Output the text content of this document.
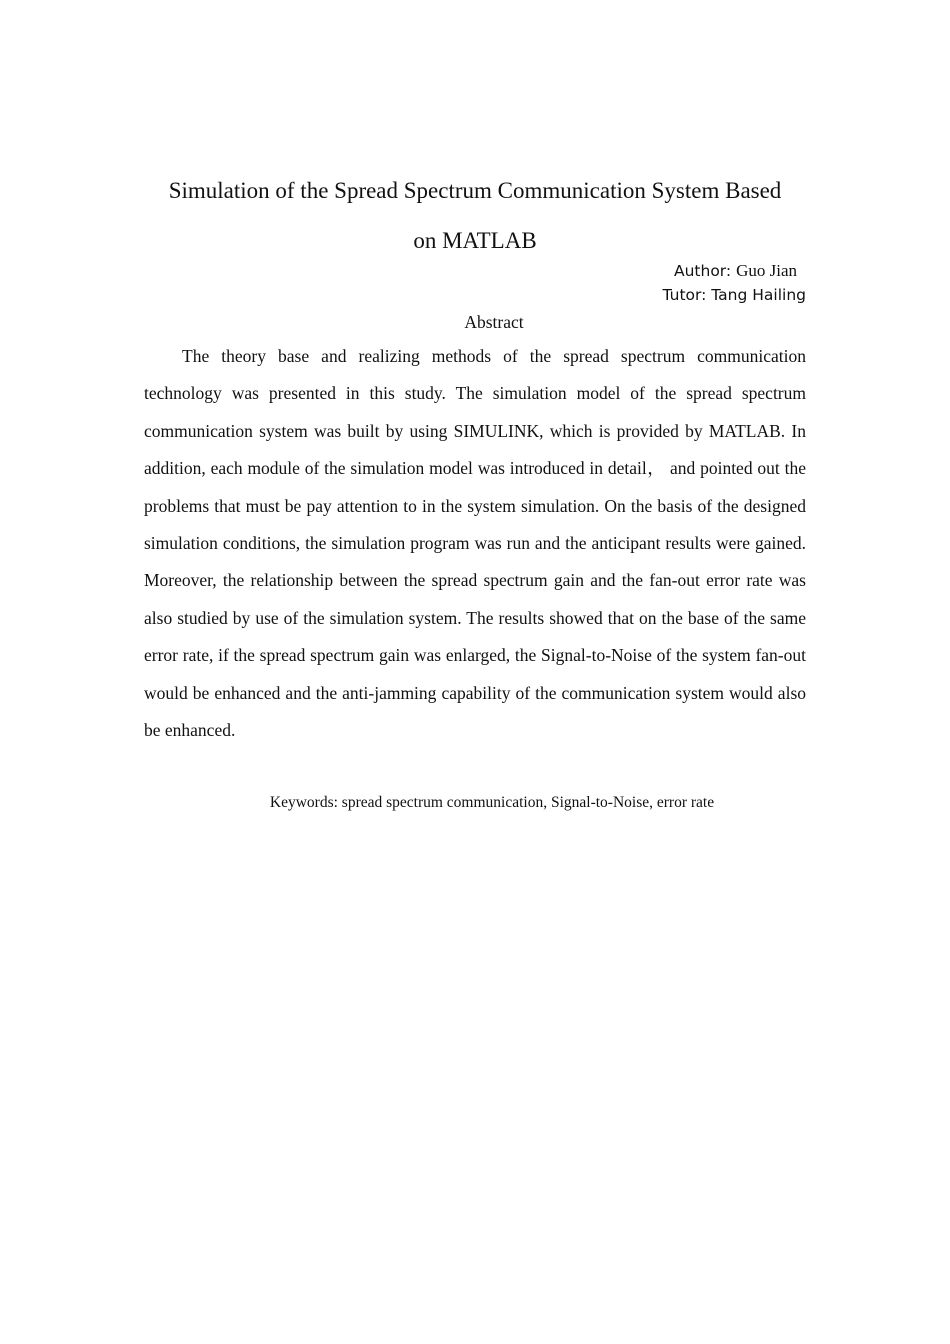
Simulation of the Spread Spectrum Communication System Based
on MATLAB
Author: Guo Jian
Tutor: Tang Hailing
Abstract

The theory base and realizing methods of the spread spectrum communication technology was presented in this study. The simulation model of the spread spectrum communication system was built by using SIMULINK, which is provided by MATLAB. In addition, each module of the simulation model was introduced in detail， and pointed out the problems that must be pay attention to in the system simulation. On the basis of the designed simulation conditions, the simulation program was run and the anticipant results were gained. Moreover, the relationship between the spread spectrum gain and the fan-out error rate was also studied by use of the simulation system. The results showed that on the base of the same error rate, if the spread spectrum gain was enlarged, the Signal-to-Noise of the system fan-out would be enhanced and the anti-jamming capability of the communication system would also be enhanced.

Keywords: spread spectrum communication, Signal-to-Noise, error rate
